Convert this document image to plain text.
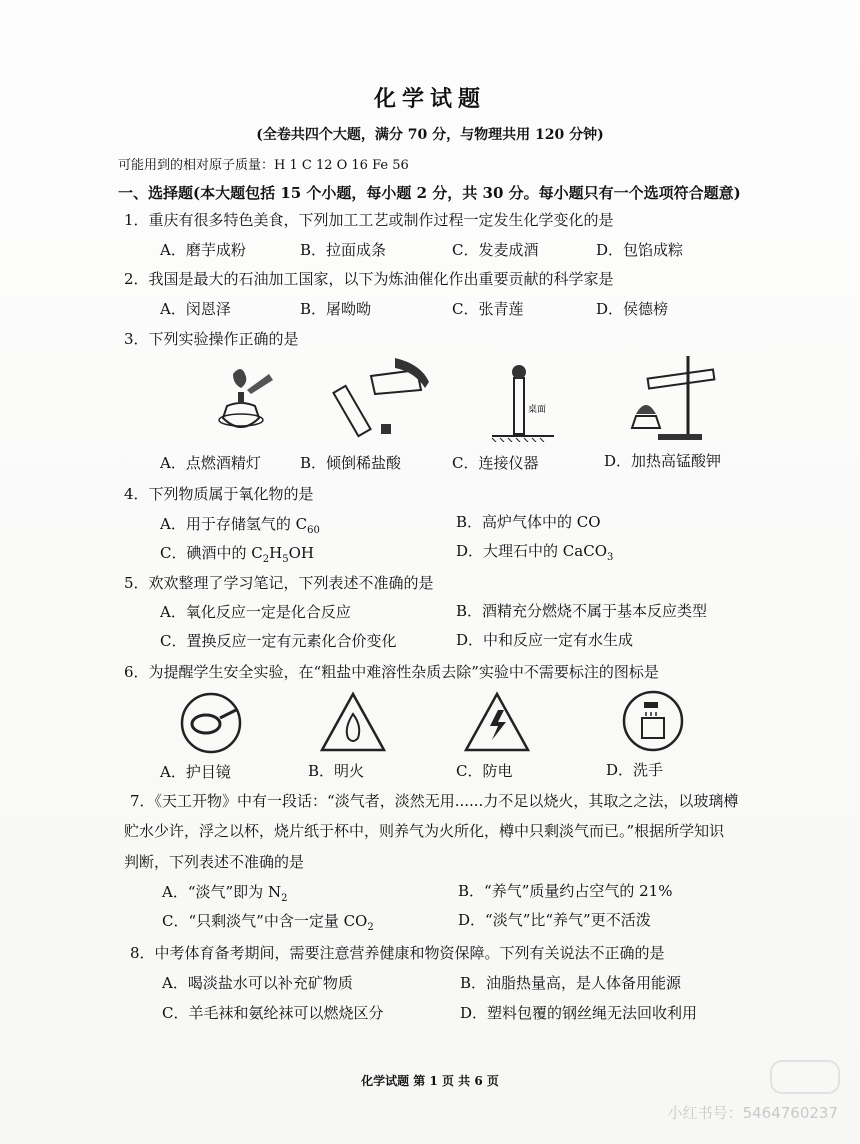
化学试题
(全卷共四个大题，满分 70 分，与物理共用 120 分钟)
可能用到的相对原子质量：H 1 C 12 O 16 Fe 56
一、选择题(本大题包括 15 个小题，每小题 2 分，共 30 分。每小题只有一个选项符合题意)
1．重庆有很多特色美食，下列加工工艺或制作过程一定发生化学变化的是
A．磨芋成粉	B．拉面成条	C．发麦成酒	D．包馅成粽
2．我国是最大的石油加工国家，以下为炼油催化作出重要贡献的科学家是
A．闵恩泽	B．屠呦呦	C．张青莲	D．侯德榜
3．下列实验操作正确的是
桌面
A．点燃酒精灯	B．倾倒稀盐酸	C．连接仪器	D．加热高锰酸钾
4．下列物质属于氧化物的是
A．用于存储氢气的 $C_{60}$	B．高炉气体中的 CO
C．碘酒中的 $C_2H_5OH$	D．大理石中的 CaCO$_3$
5．欢欢整理了学习笔记，下列表述不准确的是
A．氧化反应一定是化合反应	B．酒精充分燃烧不属于基本反应类型
C．置换反应一定有元素化合价变化	D．中和反应一定有水生成
6．为提醒学生安全实验，在“粗盐中难溶性杂质去除”实验中不需要标注的图标是
A．护目镜	B．明火	C．防电	D．洗手
7．《天工开物》中有一段话：“淡气者，淡然无用......力不足以烧火，其取之之法，以玻璃樽
贮水少许，浮之以杯，烧片纸于杯中，则养气为火所化，樽中只剩淡气而已。”根据所学知识
判断，下列表述不准确的是
A．“淡气”即为 $N_2$	B．“养气”质量约占空气的 21%
C．“只剩淡气”中含一定量 $CO_2$	D．“淡气”比“养气”更不活泼
8．中考体育备考期间，需要注意营养健康和物资保障。下列有关说法不正确的是
A．喝淡盐水可以补充矿物质	B．油脂热量高，是人体备用能源
C．羊毛袜和氨纶袜可以燃烧区分	D．塑料包覆的钢丝绳无法回收利用
化学试题 第 1 页 共 6 页
小红书号：5464760237
